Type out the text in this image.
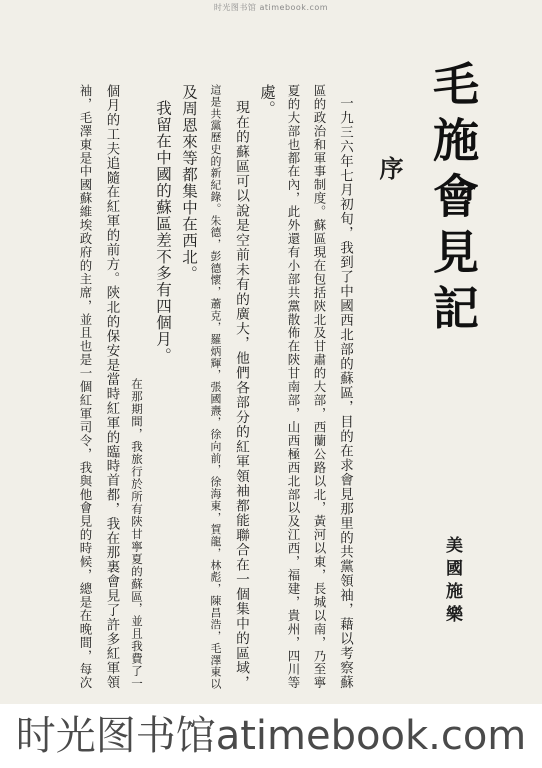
时光图书馆 atimebook.com
毛施會見記
序
美國施樂
一九三六年七月初旬，我到了中國西北部的蘇區，目的在求會見那里的共黨領袖，藉以考察蘇
區的政治和軍事制度。蘇區現在包括陝北及甘肅的大部，西蘭公路以北，黃河以東，長城以南，乃至寧
夏的大部也都在內，此外還有小部共黨散佈在陝甘南部，山西極西北部以及江西，福建，貴州，四川等
處。
現在的蘇區可以說是空前未有的廣大，他們各部分的紅軍領袖都能聯合在一個集中的區域，
這是共黨歷史的新紀錄。朱德，彭德懷，蕭克，羅炳輝，張國燾，徐向前，徐海東，賀龍，林彪，陳昌浩，毛澤東以
及周恩來等都集中在西北。
我留在中國的蘇區差不多有四個月。
在那期間，我旅行於所有陝甘寧夏的蘇區，並且我費了一
個月的工夫追隨在紅軍的前方。陝北的保安是當時紅軍的臨時首都，我在那裏會見了許多紅軍領
袖，毛澤東是中國蘇維埃政府的主席，並且也是一個紅軍司令，我與他會見的時候，總是在晚間，每次
时光图书馆atimebook.com
